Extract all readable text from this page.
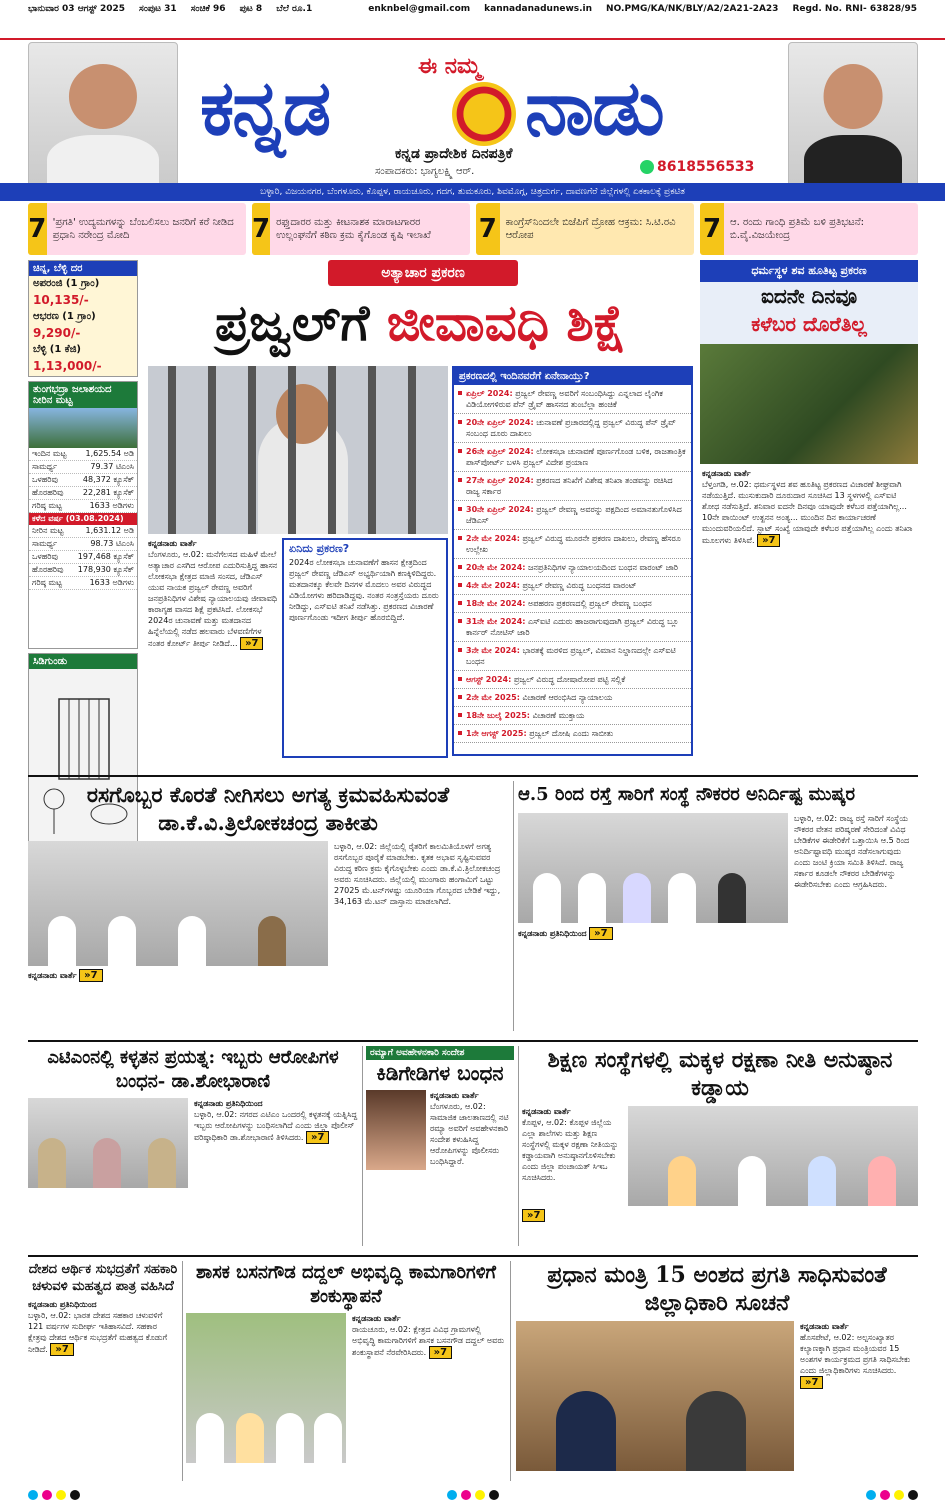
ಭಾನುವಾರ 03 ಆಗಸ್ಟ್ 2025 ಸಂಪುಟ 31 ಸಂಚಿಕೆ 96 ಪುಟ 8 ಬೆಲೆ ರೂ.1	enknbel@gmail.com kannadanadunews.in NO.PMG/KA/NK/BLY/A2/2A21-2A23 Regd. No. RNI- 63828/95
ಕನ್ನಡ	ಈ ನಮ್ಮ ನಾಡು
ಕನ್ನಡ ಪ್ರಾದೇಶಿಕ ದಿನಪತ್ರಿಕೆ
ಸಂಪಾದಕರು: ಭಾಗ್ಯಲಕ್ಷ್ಮಿ ಆರ್.	8618556533
ಬಳ್ಳಾರಿ, ವಿಜಯನಗರ, ಬೆಂಗಳೂರು, ಕೊಪ್ಪಳ, ರಾಯಚೂರು, ಗದಗ, ತುಮಕೂರು, ಶಿವಮೊಗ್ಗ, ಚಿತ್ರದುರ್ಗ, ದಾವಣಗೆರೆ ಜಿಲ್ಲೆಗಳಲ್ಲಿ ಏಕಕಾಲಕ್ಕೆ ಪ್ರಕಟಿತ
7 'ಪ್ರಗತಿ' ಉದ್ಯಮಗಳನ್ನು ಬೆಂಬಲಿಸಲು ಜನರಿಗೆ ಕರೆ ನೀಡಿದ ಪ್ರಧಾನಿ ನರೇಂದ್ರ ಮೋದಿ	7 ರಫ್ತುದಾರರ ಮತ್ತು ಕೀಟನಾಶಕ ಮಾರಾಟಗಾರರ ಉಲ್ಲಂಘನೆಗೆ ಕಠಿಣ ಕ್ರಮ ಕೈಗೊಂಡ ಕೃಷಿ ಇಲಾಖೆ	7 ಕಾಂಗ್ರೆಸ್‌ನಿಂದಲೇ ಬಿಜೆಪಿಗೆ ದ್ರೋಹ ಆಕ್ರಮ: ಸಿ.ಟಿ.ರವಿ ಆರೋಪ	7 ಆ. ರಂದು ಗಾಂಧಿ ಪ್ರತಿಮೆ ಬಳಿ ಪ್ರತಿಭಟನೆ: ಬಿ.ವೈ.ವಿಜಯೇಂದ್ರ
ಚಿನ್ನ, ಬೆಳ್ಳಿ ದರ
ಅಪರಂಜಿ (1 ಗ್ರಾಂ)
10,135/-
ಆಭರಣ (1 ಗ್ರಾಂ)
9,290/-
ಬೆಳ್ಳಿ (1 ಕೆಜಿ)
1,13,000/-
ತುಂಗಭದ್ರಾ ಜಲಾಶಯದ ನೀರಿನ ಮಟ್ಟ
ಇಂದಿನ ಮಟ್ಟ 1,625.54 ಅಡಿ
ಸಾಮರ್ಥ್ಯ	79.37 ಟಿಎಂಸಿ
ಒಳಹರಿವು	48,372 ಕ್ಯೂಸೆಕ್
ಹೊರಹರಿವು 22,281 ಕ್ಯೂಸೆಕ್
ಗರಿಷ್ಠ ಮಟ್ಟ	1633 ಅಡಿಗಳು
ಕಳೆದ ವರ್ಷ (03.08.2024)
ನೀರಿನ ಮಟ್ಟ	1,631.12 ಅಡಿ
ಸಾಮರ್ಥ್ಯ	98.73 ಟಿಎಂಸಿ
ಒಳಹರಿವು 197,468 ಕ್ಯೂಸೆಕ್
ಹೊರಹರಿವು 178,930 ಕ್ಯೂಸೆಕ್
ಗರಿಷ್ಠ ಮಟ್ಟ	1633 ಅಡಿಗಳು
ಸಿಡಿಗುಂಡು
ಅತ್ಯಾಚಾರ ಪ್ರಕರಣ
ಪ್ರಜ್ವಲ್‌ಗೆ ಜೀವಾವಧಿ ಶಿಕ್ಷೆ
ಪ್ರಕರಣದಲ್ಲಿ ಇಂದಿನವರೆಗೆ ಏನೇನಾಯ್ತು?
ಏಪ್ರಿಲ್ 2024: ಪ್ರಜ್ವಲ್ ರೇವಣ್ಣ ಅವರಿಗೆ ಸಂಬಂಧಿಸಿದ್ದು ಎನ್ನಲಾದ ಲೈಂಗಿಕ ವಿಡಿಯೋಗಳಿರುವ ಪೆನ್‌ ಡ್ರೈವ್ ಹಾಸನದ ತುಂಬೆಲ್ಲಾ ಹಂಚಿಕೆ
20ನೇ ಏಪ್ರಿಲ್ 2024: ಚುನಾವಣೆ ಪ್ರಚಾರದಲ್ಲಿದ್ದ ಪ್ರಜ್ವಲ್ ವಿರುದ್ಧ ಪೆನ್ ಡ್ರೈವ್ ಸಂಬಂಧ ದೂರು ದಾಖಲು
26ನೇ ಏಪ್ರಿಲ್ 2024: ಲೋಕಸಭಾ ಚುನಾವಣೆ ಪೂರ್ಣಗೊಂಡ ಬಳಿಕ, ರಾಜತಾಂತ್ರಿಕ ಪಾಸ್‌ಪೋರ್ಟ್ ಬಳಸಿ ಪ್ರಜ್ವಲ್ ವಿದೇಶ ಪ್ರಯಾಣ
27ನೇ ಏಪ್ರಿಲ್ 2024: ಪ್ರಕರಣದ ತನಿಖೆಗೆ ವಿಶೇಷ ತನಿಖಾ ತಂಡವನ್ನು ರಚಿಸಿದ ರಾಜ್ಯ ಸರ್ಕಾರ
30ನೇ ಏಪ್ರಿಲ್ 2024: ಪ್ರಜ್ವಲ್ ರೇವಣ್ಣ ಅವರನ್ನು ಪಕ್ಷದಿಂದ ಅಮಾನತುಗೊಳಿಸಿದ ಜೆಡಿಎಸ್
2ನೇ ಮೇ 2024: ಪ್ರಜ್ವಲ್ ವಿರುದ್ಧ ಮೂರನೇ ಪ್ರಕರಣ ದಾಖಲು, ರೇವಣ್ಣ ಹೆಸರೂ ಉಲ್ಲೇಖ
20ನೇ ಮೇ 2024: ಜನಪ್ರತಿನಿಧಿಗಳ ನ್ಯಾಯಾಲಯದಿಂದ ಬಂಧನ ವಾರಂಟ್ ಜಾರಿ
4ನೇ ಮೇ 2024: ಪ್ರಜ್ವಲ್ ರೇವಣ್ಣ ವಿರುದ್ಧ ಬಂಧನದ ವಾರಂಟ್
18ನೇ ಮೇ 2024: ಅಪಹರಣ ಪ್ರಕರಣದಲ್ಲಿ ಪ್ರಜ್ವಲ್ ರೇವಣ್ಣ ಬಂಧನ
31ನೇ ಮೇ 2024: ಎಸ್‌ಐಟಿ ಎದುರು ಹಾಜರಾಗುವುದಾಗಿ ಪ್ರಜ್ವಲ್ ವಿರುದ್ಧ ಬ್ಲೂ ಕಾರ್ನರ್ ನೋಟಿಸ್ ಜಾರಿ
3ನೇ ಮೇ 2024: ಭಾರತಕ್ಕೆ ಮರಳಿದ ಪ್ರಜ್ವಲ್, ವಿಮಾನ ನಿಲ್ದಾಣದಲ್ಲೇ ಎಸ್‌ಐಟಿ ಬಂಧನ
ಆಗಸ್ಟ್ 2024: ಪ್ರಜ್ವಲ್ ವಿರುದ್ಧ ದೋಷಾರೋಪ ಪಟ್ಟಿ ಸಲ್ಲಿಕೆ
2ನೇ ಮೇ 2025: ವಿಚಾರಣೆ ಆರಂಭಿಸಿದ ನ್ಯಾಯಾಲಯ
18ನೇ ಜುಲೈ 2025: ವಿಚಾರಣೆ ಮುಕ್ತಾಯ
1ನೇ ಆಗಸ್ಟ್ 2025: ಪ್ರಜ್ವಲ್ ದೋಷಿ ಎಂದು ಸಾಬೀತು
ಕನ್ನಡನಾಡು ವಾರ್ತೆ
ಬೆಂಗಳೂರು, ಆ.02: ಮನೆಗೆಲಸದ ಮಹಿಳೆ ಮೇಲೆ ಅತ್ಯಾಚಾರ ಎಸಗಿದ ಆರೋಪ ಎದುರಿಸುತ್ತಿದ್ದ ಹಾಸನ ಲೋಕಸಭಾ ಕ್ಷೇತ್ರದ ಮಾಜಿ ಸಂಸದ, ಜೆಡಿಎಸ್ ಯುವ ನಾಯಕ ಪ್ರಜ್ವಲ್ ರೇವಣ್ಣ ಅವರಿಗೆ ಜನಪ್ರತಿನಿಧಿಗಳ ವಿಶೇಷ ನ್ಯಾಯಾಲಯವು ಜೀವಾವಧಿ ಕಾರಾಗೃಹ ವಾಸದ ಶಿಕ್ಷೆ ಪ್ರಕಟಿಸಿದೆ. ಲೋಕಸಭೆ 2024ರ ಚುನಾವಣೆ ಮತ್ತು ಮತದಾನದ ಹಿನ್ನೆಲೆಯಲ್ಲಿ ನಡೆದ ಹಲವಾರು ಬೆಳವಣಿಗೆಗಳ ನಂತರ ಕೋರ್ಟ್ ತೀರ್ಪು ನೀಡಿದೆ... »7
ಏನಿದು ಪ್ರಕರಣ?
2024ರ ಲೋಕಸಭಾ ಚುನಾವಣೆಗೆ ಹಾಸನ ಕ್ಷೇತ್ರದಿಂದ ಪ್ರಜ್ವಲ್ ರೇವಣ್ಣ ಜೆಡಿಎಸ್ ಅಭ್ಯರ್ಥಿಯಾಗಿ ಕಣಕ್ಕಿಳಿದಿದ್ದರು. ಮತದಾನಕ್ಕೂ ಕೆಲವೇ ದಿನಗಳ ಮೊದಲು ಅವರ ವಿರುದ್ಧದ ವಿಡಿಯೋಗಳು ಹರಿದಾಡಿದ್ದವು. ನಂತರ ಸಂತ್ರಸ್ತೆಯರು ದೂರು ನೀಡಿದ್ದು, ಎಸ್‌ಐಟಿ ತನಿಖೆ ನಡೆಸಿತ್ತು. ಪ್ರಕರಣದ ವಿಚಾರಣೆ ಪೂರ್ಣಗೊಂಡು ಇದೀಗ ತೀರ್ಪು ಹೊರಬಿದ್ದಿದೆ.
ಧರ್ಮಸ್ಥಳ ಶವ ಹೂತಿಟ್ಟ ಪ್ರಕರಣ
ಐದನೇ ದಿನವೂ
ಕಳೆಬರ ದೊರೆತಿಲ್ಲ
ಕನ್ನಡನಾಡು ವಾರ್ತೆ
ಬೆಳ್ತಂಗಡಿ, ಆ.02: ಧರ್ಮಸ್ಥಳದ ಶವ ಹೂತಿಟ್ಟ ಪ್ರಕರಣದ ವಿಚಾರಣೆ ಶೀಘ್ರವಾಗಿ ನಡೆಯುತ್ತಿದೆ. ಮುಸುಕುದಾರಿ ದೂರುದಾರ ಸೂಚಿಸಿದ 13 ಸ್ಥಳಗಳಲ್ಲಿ ಎಸ್‌ಐಟಿ ಶೋಧ ನಡೆಸುತ್ತಿದೆ. ಶನಿವಾರ ಐದನೇ ದಿನವೂ ಯಾವುದೇ ಕಳೆಬರ ಪತ್ತೆಯಾಗಿಲ್ಲ... 10ನೇ ಪಾಯಿಂಟ್ ಉತ್ಖನನ ಅಂತ್ಯ... ಮುಂದಿನ ದಿನ ಕಾರ್ಯಾಚರಣೆ ಮುಂದುವರಿಯಲಿದೆ. ಸ್ಪಾಟ್ ಸಂಖ್ಯೆ ಯಾವುದೇ ಕಳೆಬರ ಪತ್ತೆಯಾಗಿಲ್ಲ ಎಂದು ತನಿಖಾ ಮೂಲಗಳು ತಿಳಿಸಿವೆ. »7
ರಸಗೊಬ್ಬರ ಕೊರತೆ ನೀಗಿಸಲು ಅಗತ್ಯ ಕ್ರಮವಹಿಸುವಂತೆ ಡಾ.ಕೆ.ವಿ.ತ್ರಿಲೋಕಚಂದ್ರ ತಾಕೀತು
ಬಳ್ಳಾರಿ, ಆ.02: ಜಿಲ್ಲೆಯಲ್ಲಿ ರೈತರಿಗೆ ಕಾಲಮಿತಿಯೊಳಗೆ ಅಗತ್ಯ ರಸಗೊಬ್ಬರ ಪೂರೈಕೆ ಮಾಡಬೇಕು. ಕೃತಕ ಅಭಾವ ಸೃಷ್ಟಿಸುವವರ ವಿರುದ್ಧ ಕಠಿಣ ಕ್ರಮ ಕೈಗೊಳ್ಳಬೇಕು ಎಂದು ಡಾ.ಕೆ.ವಿ.ತ್ರಿಲೋಕಚಂದ್ರ ಅವರು ಸೂಚಿಸಿದರು. ಜಿಲ್ಲೆಯಲ್ಲಿ ಮುಂಗಾರು ಹಂಗಾಮಿಗೆ ಒಟ್ಟು 27025 ಮೆ.ಟನ್‌ಗಳಷ್ಟು ಯೂರಿಯಾ ಗೊಬ್ಬರದ ಬೇಡಿಕೆ ಇದ್ದು, 34,163 ಮೆ.ಟನ್ ದಾಸ್ತಾನು ಮಾಡಲಾಗಿದೆ.
ಕನ್ನಡನಾಡು ವಾರ್ತೆ »7
ಆ.5 ರಿಂದ ರಸ್ತೆ ಸಾರಿಗೆ ಸಂಸ್ಥೆ ನೌಕರರ ಅನಿರ್ದಿಷ್ಟ ಮುಷ್ಕರ
ಬಳ್ಳಾರಿ, ಆ.02: ರಾಜ್ಯ ರಸ್ತೆ ಸಾರಿಗೆ ಸಂಸ್ಥೆಯ ನೌಕರರ ವೇತನ ಪರಿಷ್ಕರಣೆ ಸೇರಿದಂತೆ ವಿವಿಧ ಬೇಡಿಕೆಗಳ ಈಡೇರಿಕೆಗೆ ಒತ್ತಾಯಿಸಿ ಆ.5 ರಿಂದ ಅನಿರ್ದಿಷ್ಟಾವಧಿ ಮುಷ್ಕರ ನಡೆಸಲಾಗುವುದು ಎಂದು ಜಂಟಿ ಕ್ರಿಯಾ ಸಮಿತಿ ತಿಳಿಸಿದೆ. ರಾಜ್ಯ ಸರ್ಕಾರ ಕೂಡಲೇ ನೌಕರರ ಬೇಡಿಕೆಗಳನ್ನು ಈಡೇರಿಸಬೇಕು ಎಂದು ಆಗ್ರಹಿಸಿದರು.
ಕನ್ನಡನಾಡು ಪ್ರತಿನಿಧಿಯಿಂದ »7
ಎಟಿಎಂನಲ್ಲಿ ಕಳ್ಳತನ ಪ್ರಯತ್ನ: ಇಬ್ಬರು ಆರೋಪಿಗಳ ಬಂಧನ- ಡಾ.ಶೋಭಾರಾಣಿ
ಕನ್ನಡನಾಡು ಪ್ರತಿನಿಧಿಯಿಂದ
ಬಳ್ಳಾರಿ, ಆ.02: ನಗರದ ಎಟಿಎಂ ಒಂದರಲ್ಲಿ ಕಳ್ಳತನಕ್ಕೆ ಯತ್ನಿಸಿದ್ದ ಇಬ್ಬರು ಆರೋಪಿಗಳನ್ನು ಬಂಧಿಸಲಾಗಿದೆ ಎಂದು ಜಿಲ್ಲಾ ಪೊಲೀಸ್ ವರಿಷ್ಠಾಧಿಕಾರಿ ಡಾ.ಶೋಭಾರಾಣಿ ತಿಳಿಸಿದರು. »7
ರಮ್ಯಾಗೆ ಅವಹೇಳನಕಾರಿ ಸಂದೇಶ
ಕಿಡಿಗೇಡಿಗಳ ಬಂಧನ
ಕನ್ನಡನಾಡು ವಾರ್ತೆ
ಬೆಂಗಳೂರು, ಆ.02: ಸಾಮಾಜಿಕ ಜಾಲತಾಣದಲ್ಲಿ ನಟಿ ರಮ್ಯಾ ಅವರಿಗೆ ಅವಹೇಳನಕಾರಿ ಸಂದೇಶ ಕಳುಹಿಸಿದ್ದ ಆರೋಪಿಗಳನ್ನು ಪೊಲೀಸರು ಬಂಧಿಸಿದ್ದಾರೆ.
ಶಿಕ್ಷಣ ಸಂಸ್ಥೆಗಳಲ್ಲಿ ಮಕ್ಕಳ ರಕ್ಷಣಾ ನೀತಿ ಅನುಷ್ಠಾನ ಕಡ್ಡಾಯ
ಕನ್ನಡನಾಡು ವಾರ್ತೆ
ಕೊಪ್ಪಳ, ಆ.02: ಕೊಪ್ಪಳ ಜಿಲ್ಲೆಯ ಎಲ್ಲಾ ಶಾಲೆಗಳು ಮತ್ತು ಶಿಕ್ಷಣ ಸಂಸ್ಥೆಗಳಲ್ಲಿ ಮಕ್ಕಳ ರಕ್ಷಣಾ ನೀತಿಯನ್ನು ಕಡ್ಡಾಯವಾಗಿ ಅನುಷ್ಠಾನಗೊಳಿಸಬೇಕು ಎಂದು ಜಿಲ್ಲಾ ಪಂಚಾಯತ್ ಸಿಇಒ ಸೂಚಿಸಿದರು.
»7
ದೇಶದ ಆರ್ಥಿಕ ಸುಭದ್ರತೆಗೆ ಸಹಕಾರಿ ಚಳುವಳಿ ಮಹತ್ವದ ಪಾತ್ರ ವಹಿಸಿದೆ
ಕನ್ನಡನಾಡು ಪ್ರತಿನಿಧಿಯಿಂದ
ಬಳ್ಳಾರಿ, ಆ.02: ಭಾರತ ದೇಶದ ಸಹಕಾರ ಚಳುವಳಿಗೆ 121 ವರ್ಷಗಳ ಸುದೀರ್ಘ ಇತಿಹಾಸವಿದೆ. ಸಹಕಾರ ಕ್ಷೇತ್ರವು ದೇಶದ ಆರ್ಥಿಕ ಸುಭದ್ರತೆಗೆ ಮಹತ್ವದ ಕೊಡುಗೆ ನೀಡಿದೆ. »7
ಶಾಸಕ ಬಸನಗೌಡ ದದ್ದಲ್ ಅಭಿವೃದ್ಧಿ ಕಾಮಗಾರಿಗಳಿಗೆ ಶಂಕುಸ್ಥಾಪನೆ
ಕನ್ನಡನಾಡು ವಾರ್ತೆ
ರಾಯಚೂರು, ಆ.02: ಕ್ಷೇತ್ರದ ವಿವಿಧ ಗ್ರಾಮಗಳಲ್ಲಿ ಅಭಿವೃದ್ಧಿ ಕಾಮಗಾರಿಗಳಿಗೆ ಶಾಸಕ ಬಸನಗೌಡ ದದ್ದಲ್ ಅವರು ಶಂಕುಸ್ಥಾಪನೆ ನೆರವೇರಿಸಿದರು. »7
ಪ್ರಧಾನ ಮಂತ್ರಿ 15 ಅಂಶದ ಪ್ರಗತಿ ಸಾಧಿಸುವಂತೆ ಜಿಲ್ಲಾಧಿಕಾರಿ ಸೂಚನೆ
ಕನ್ನಡನಾಡು ವಾರ್ತೆ
ಹೊಸಪೇಟೆ, ಆ.02: ಅಲ್ಪಸಂಖ್ಯಾತರ ಕಲ್ಯಾಣಕ್ಕಾಗಿ ಪ್ರಧಾನ ಮಂತ್ರಿಯವರ 15 ಅಂಶಗಳ ಕಾರ್ಯಕ್ರಮದ ಪ್ರಗತಿ ಸಾಧಿಸಬೇಕು ಎಂದು ಜಿಲ್ಲಾಧಿಕಾರಿಗಳು ಸೂಚಿಸಿದರು. »7
